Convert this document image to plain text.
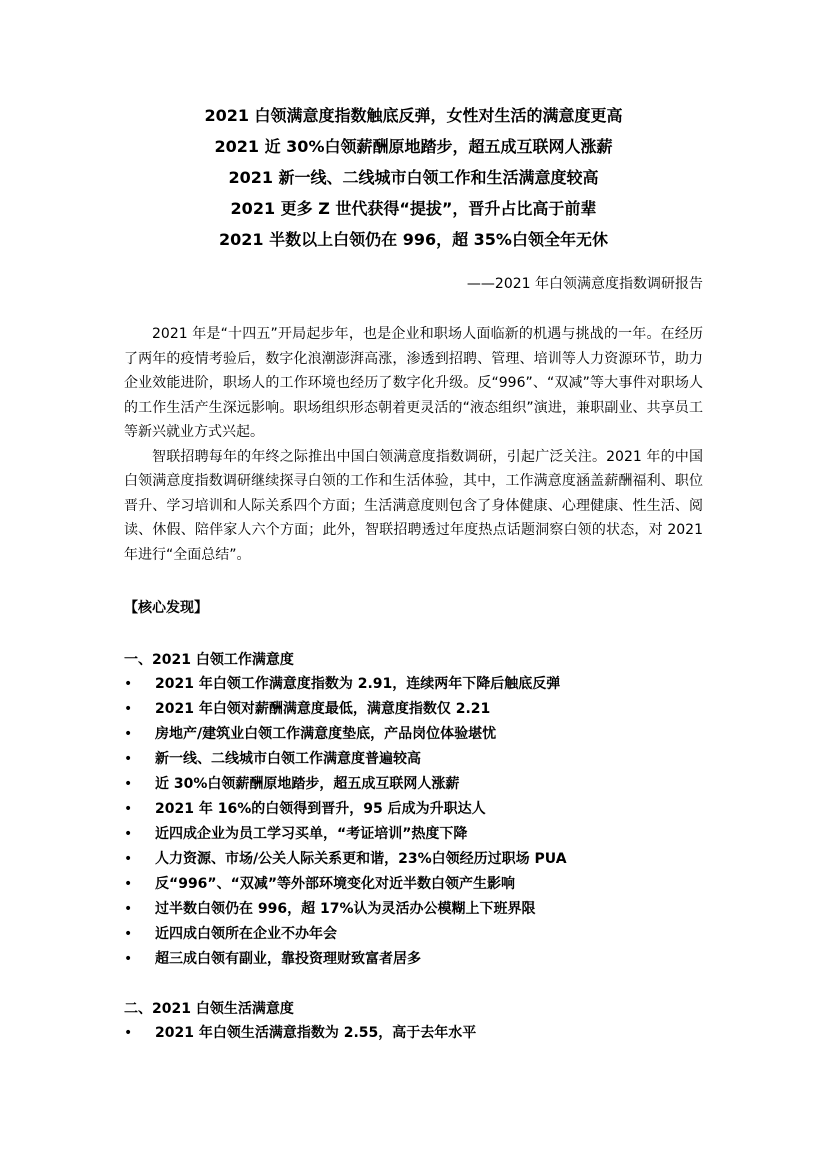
2021 白领满意度指数触底反弹，女性对生活的满意度更高
2021 近 30%白领薪酬原地踏步，超五成互联网人涨薪
2021 新一线、二线城市白领工作和生活满意度较高
2021 更多 Z 世代获得“提拔”，晋升占比高于前辈
2021 半数以上白领仍在 996，超 35%白领全年无休
——2021 年白领满意度指数调研报告

2021 年是“十四五”开局起步年，也是企业和职场人面临新的机遇与挑战的一年。在经历了两年的疫情考验后，数字化浪潮澎湃高涨，渗透到招聘、管理、培训等人力资源环节，助力企业效能进阶，职场人的工作环境也经历了数字化升级。反“996”、“双减”等大事件对职场人的工作生活产生深远影响。职场组织形态朝着更灵活的“液态组织”演进，兼职副业、共享员工等新兴就业方式兴起。

智联招聘每年的年终之际推出中国白领满意度指数调研，引起广泛关注。2021 年的中国白领满意度指数调研继续探寻白领的工作和生活体验，其中，工作满意度涵盖薪酬福利、职位晋升、学习培训和人际关系四个方面；生活满意度则包含了身体健康、心理健康、性生活、阅读、休假、陪伴家人六个方面；此外，智联招聘透过年度热点话题洞察白领的状态，对 2021 年进行“全面总结”。

【核心发现】
一、2021 白领工作满意度
• 2021 年白领工作满意度指数为 2.91，连续两年下降后触底反弹
• 2021 年白领对薪酬满意度最低，满意度指数仅 2.21
• 房地产/建筑业白领工作满意度垫底，产品岗位体验堪忧
• 新一线、二线城市白领工作满意度普遍较高
• 近 30%白领薪酬原地踏步，超五成互联网人涨薪
• 2021 年 16%的白领得到晋升，95 后成为升职达人
• 近四成企业为员工学习买单，“考证培训”热度下降
• 人力资源、市场/公关人际关系更和谐，23%白领经历过职场 PUA
• 反“996”、“双减”等外部环境变化对近半数白领产生影响
• 过半数白领仍在 996，超 17%认为灵活办公模糊上下班界限
• 近四成白领所在企业不办年会
• 超三成白领有副业，靠投资理财致富者居多
二、2021 白领生活满意度
• 2021 年白领生活满意指数为 2.55，高于去年水平
